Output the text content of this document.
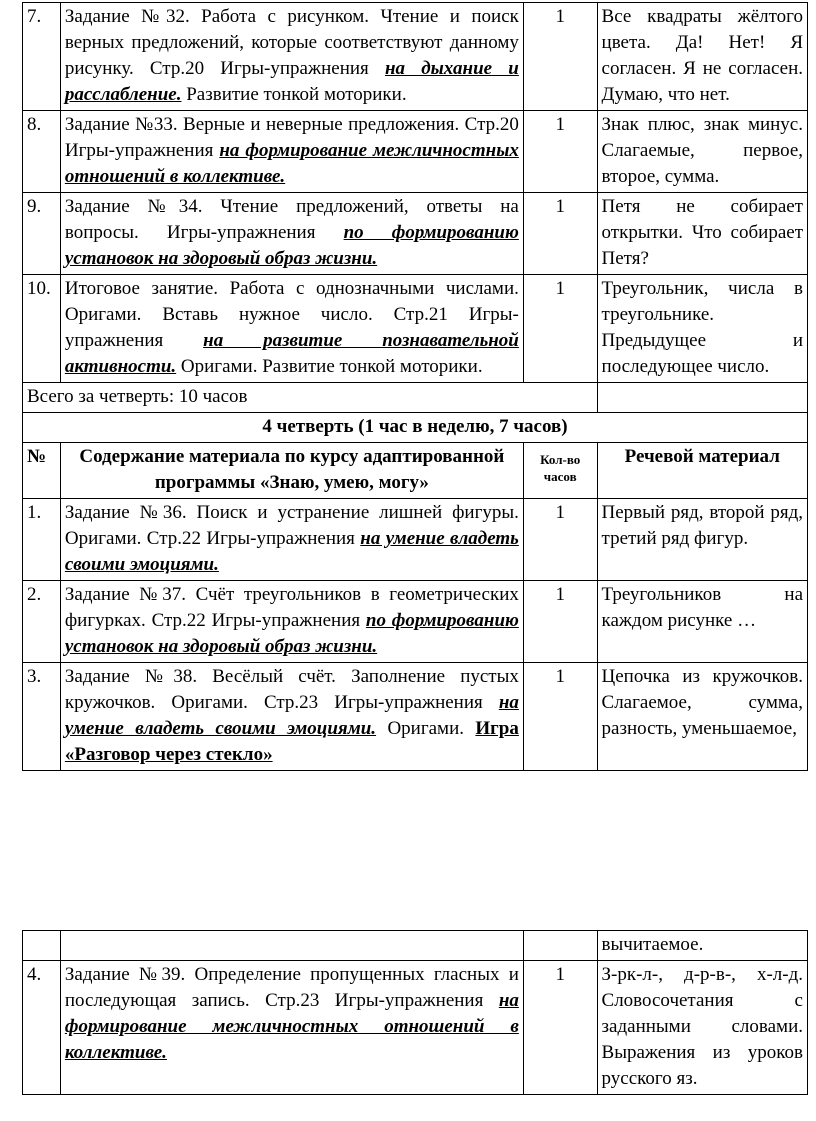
7.	Задание №32. Работа с рисунком. Чтение и поиск верных предложений, которые соответствуют данному рисунку. Стр.20 Игры-упражнения на дыхание и расслабление. Развитие тонкой моторики.	1	Все квадраты жёлтого цвета. Да! Нет! Я согласен. Я не согласен. Думаю, что нет.
8.	Задание №33. Верные и неверные предложения. Стр.20 Игры-упражнения на формирование межличностных отношений в коллективе.	1	Знак плюс, знак минус. Слагаемые, первое, второе, сумма.
9.	Задание №34. Чтение предложений, ответы на вопросы. Игры-упражнения по формированию установок на здоровый образ жизни.	1	Петя не собирает открытки. Что собирает Петя?
10.	Итоговое занятие. Работа с однозначными числами. Оригами. Вставь нужное число. Стр.21 Игры-упражнения на развитие познавательной активности. Оригами. Развитие тонкой моторики.	1	Треугольник, числа в треугольнике. Предыдущее и последующее число.
Всего за четверть: 10 часов			
4 четверть (1 час в неделю, 7 часов)			
№	Содержание материала по курсу адаптированной программы «Знаю, умею, могу»	Кол-во часов	Речевой материал
1.	Задание №36. Поиск и устранение лишней фигуры. Оригами. Стр.22 Игры-упражнения на умение владеть своими эмоциями.	1	Первый ряд, второй ряд, третий ряд фигур.
2.	Задание №37. Счёт треугольников в геометрических фигурках. Стр.22 Игры-упражнения по формированию установок на здоровый образ жизни.	1	Треугольников на каждом рисунке …
3.	Задание №38. Весёлый счёт. Заполнение пустых кружочков. Оригами. Стр.23 Игры-упражнения на умение владеть своими эмоциями. Оригами. Игра «Разговор через стекло»	1	Цепочка из кружочков. Слагаемое, сумма, разность, уменьшаемое,
			вычитаемое.
4.	Задание №39. Определение пропущенных гласных и последующая запись. Стр.23 Игры-упражнения на формирование межличностных отношений в коллективе.	1	З-рк-л-, д-р-в-, х-л-д. Словосочетания с заданными словами. Выражения из уроков русского яз.
